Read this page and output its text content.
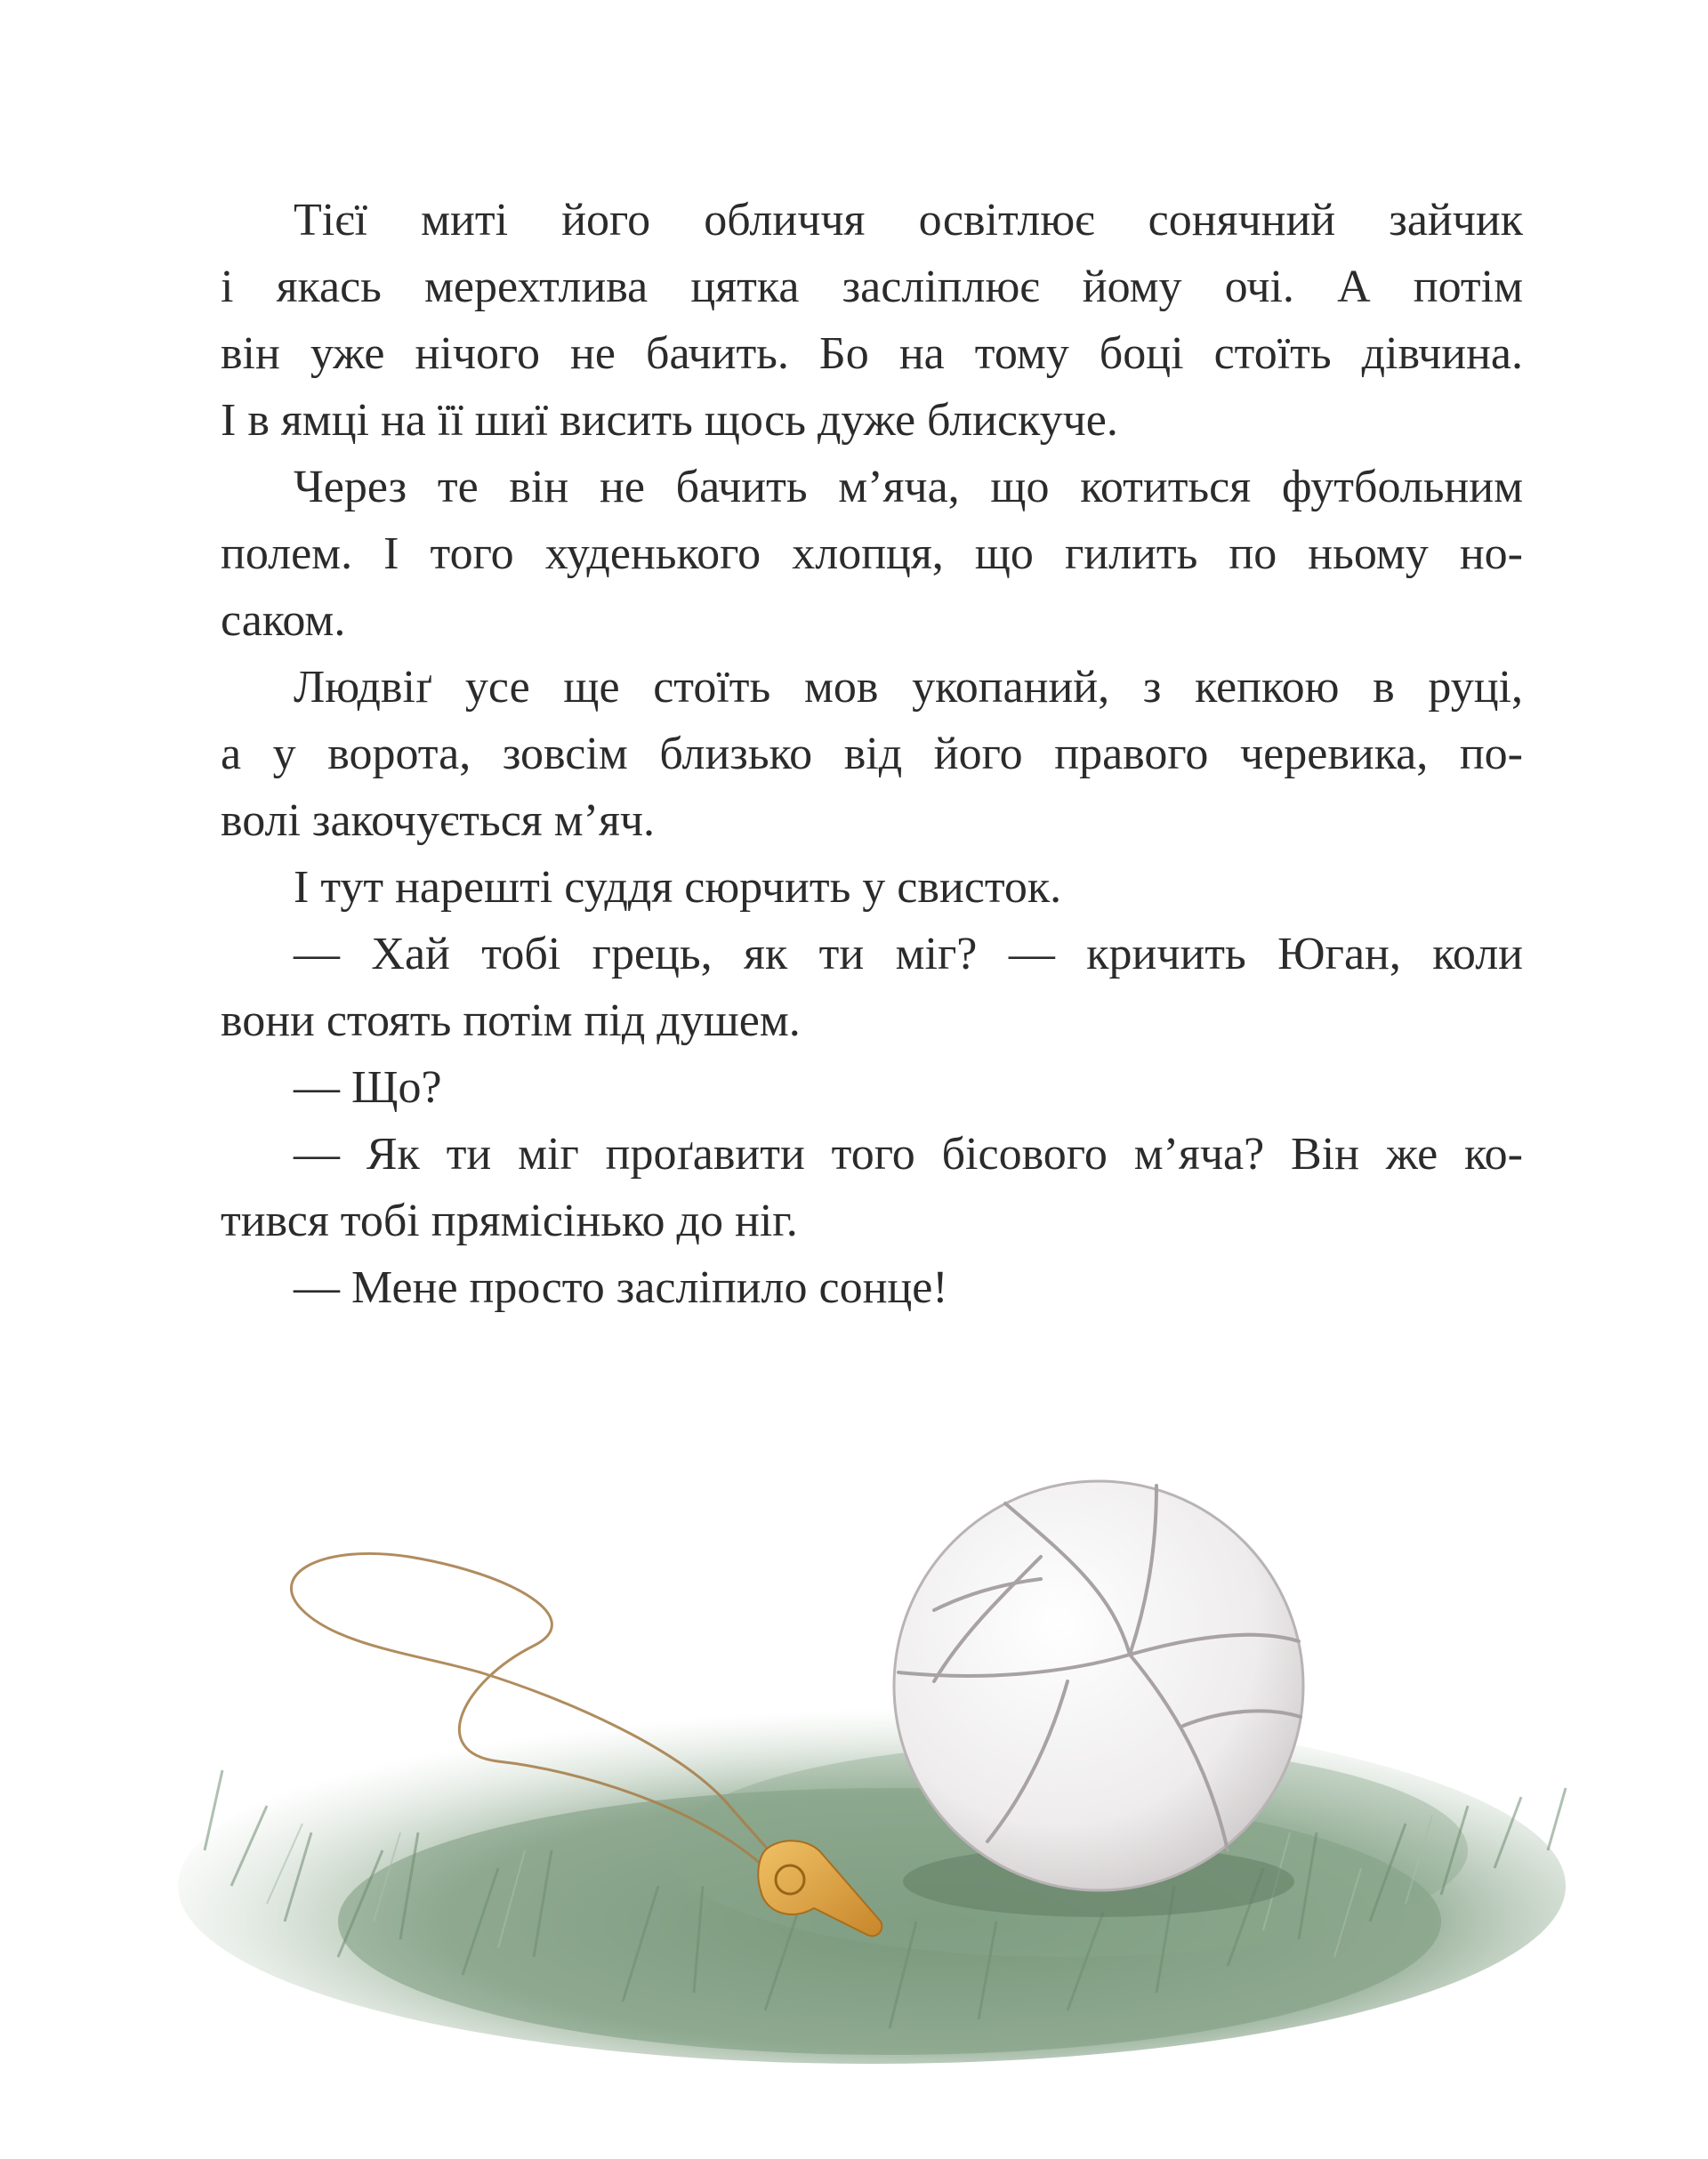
Тієї миті його обличчя освітлює сонячний зайчик
і якась мерехтлива цятка засліплює йому очі. А потім
він уже нічого не бачить. Бо на тому боці стоїть дівчина.
І в ямці на її шиї висить щось дуже блискуче.
Через те він не бачить м’яча, що котиться футбольним
полем. І того худенького хлопця, що гилить по ньому но-
саком.
Людвіґ усе ще стоїть мов укопаний, з кепкою в руці,
а у ворота, зовсім близько від його правого черевика, по-
волі закочується м’яч.
І тут нарешті суддя сюрчить у свисток.
— Хай тобі грець, як ти міг? — кричить Юган, коли
вони стоять потім під душем.
— Що?
— Як ти міг проґавити того бісового м’яча? Він же ко-
тився тобі прямісінько до ніг.
— Мене просто засліпило сонце!
